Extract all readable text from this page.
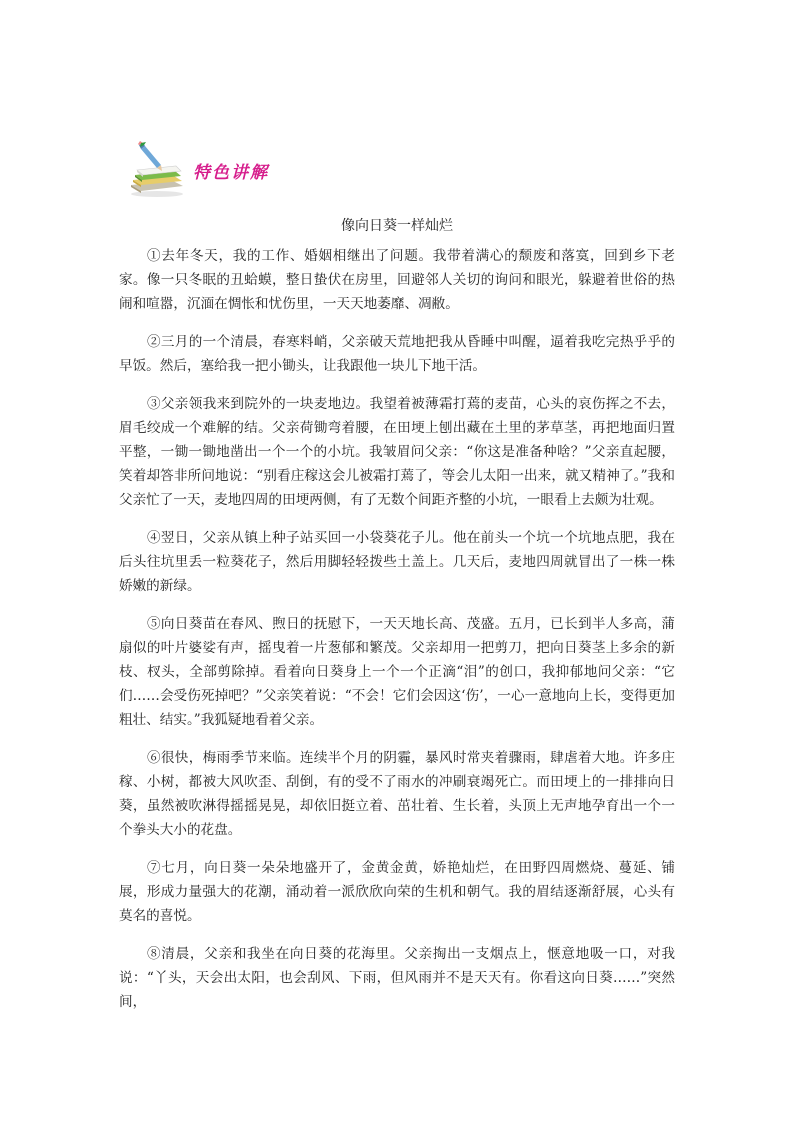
特色讲解
像向日葵一样灿烂

①去年冬天，我的工作、婚姻相继出了问题。我带着满心的颓废和落寞，回到乡下老家。像一只冬眠的丑蛤蟆，整日蛰伏在房里，回避邻人关切的询问和眼光，躲避着世俗的热闹和喧嚣，沉湎在惆怅和忧伤里，一天天地萎靡、凋敝。

②三月的一个清晨，春寒料峭，父亲破天荒地把我从昏睡中叫醒，逼着我吃完热乎乎的早饭。然后，塞给我一把小锄头，让我跟他一块儿下地干活。

③父亲领我来到院外的一块麦地边。我望着被薄霜打蔫的麦苗，心头的哀伤挥之不去，眉毛绞成一个难解的结。父亲荷锄弯着腰，在田埂上刨出藏在土里的茅草茎，再把地面归置平整，一锄一锄地凿出一个一个的小坑。我皱眉问父亲：“你这是准备种啥？”父亲直起腰，笑着却答非所问地说：“别看庄稼这会儿被霜打蔫了，等会儿太阳一出来，就又精神了。”我和父亲忙了一天，麦地四周的田埂两侧，有了无数个间距齐整的小坑，一眼看上去颇为壮观。

④翌日，父亲从镇上种子站买回一小袋葵花子儿。他在前头一个坑一个坑地点肥，我在后头往坑里丢一粒葵花子，然后用脚轻轻拨些土盖上。几天后，麦地四周就冒出了一株一株娇嫩的新绿。

⑤向日葵苗在春风、煦日的抚慰下，一天天地长高、茂盛。五月，已长到半人多高，蒲扇似的叶片婆娑有声，摇曳着一片葱郁和繁茂。父亲却用一把剪刀，把向日葵茎上多余的新枝、杈头，全部剪除掉。看着向日葵身上一个一个正滴“泪”的创口，我抑郁地问父亲：“它们……会受伤死掉吧？”父亲笑着说：“不会！它们会因这‘伤’，一心一意地向上长，变得更加粗壮、结实。”我狐疑地看着父亲。

⑥很快，梅雨季节来临。连续半个月的阴霾，暴风时常夹着骤雨，肆虐着大地。许多庄稼、小树，都被大风吹歪、刮倒，有的受不了雨水的冲刷衰竭死亡。而田埂上的一排排向日葵，虽然被吹淋得摇摇晃晃，却依旧挺立着、茁壮着、生长着，头顶上无声地孕育出一个一个拳头大小的花盘。

⑦七月，向日葵一朵朵地盛开了，金黄金黄，娇艳灿烂，在田野四周燃烧、蔓延、铺展，形成力量强大的花潮，涌动着一派欣欣向荣的生机和朝气。我的眉结逐渐舒展，心头有莫名的喜悦。

⑧清晨，父亲和我坐在向日葵的花海里。父亲掏出一支烟点上，惬意地吸一口，对我说：“丫头，天会出太阳，也会刮风、下雨，但风雨并不是天天有。你看这向日葵……”突然间，
